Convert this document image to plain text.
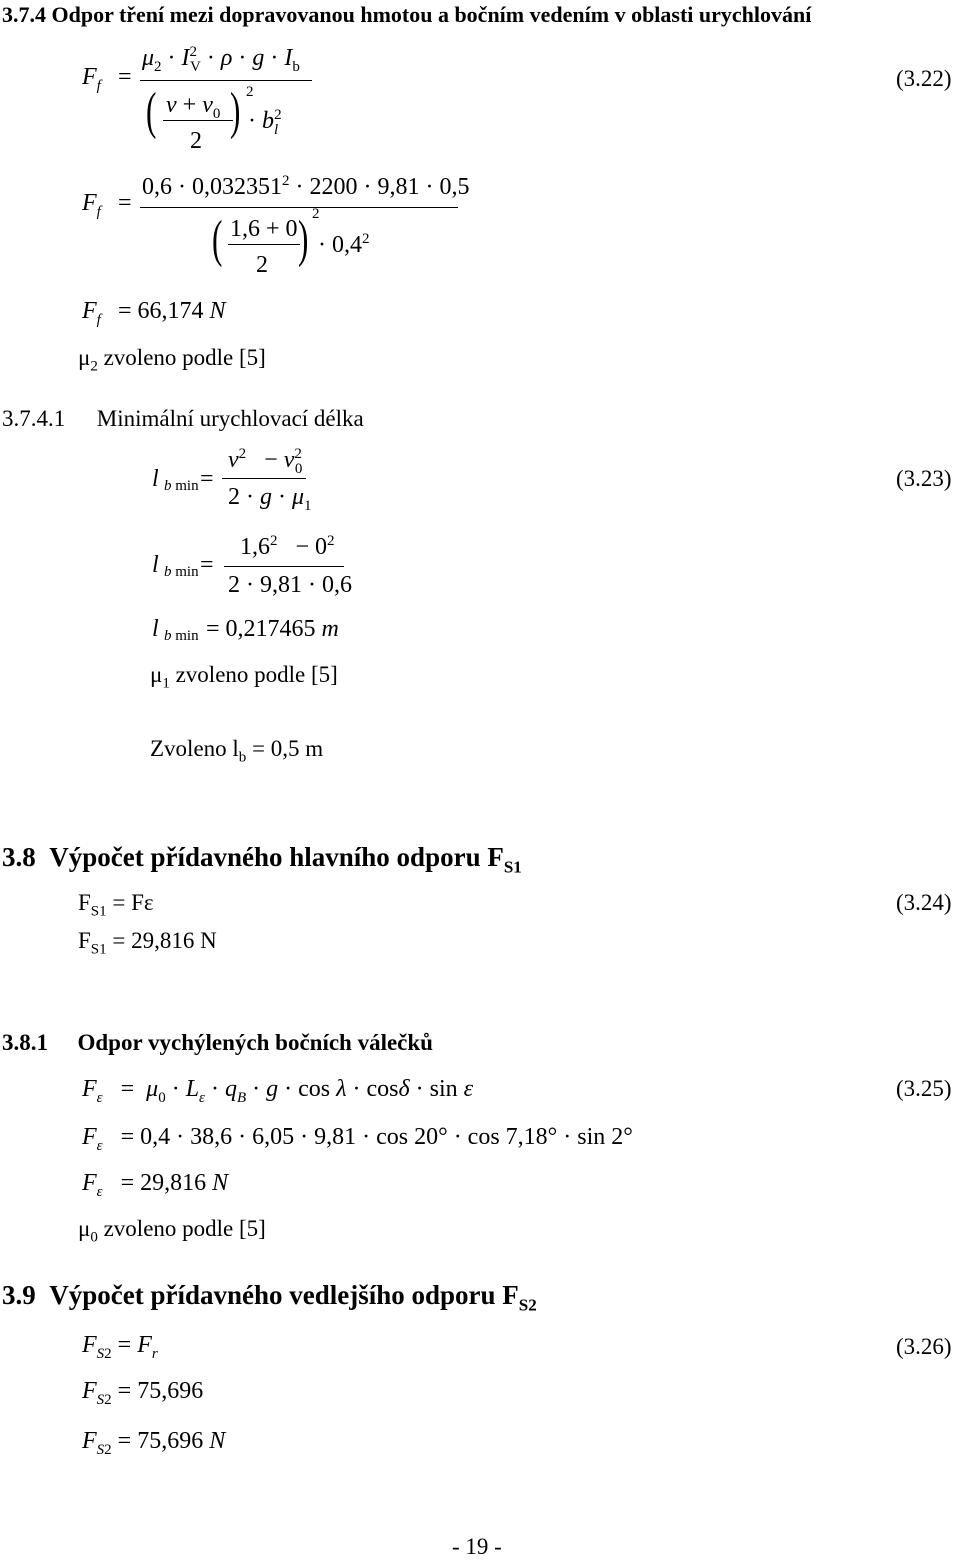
3.7.4 Odpor tření mezi dopravovanou hmotou a bočním vedením v oblasti urychlování
$F_f$ =
$\mu_2 \cdot I^2_V \cdot \rho \cdot g \cdot I_b$
( $v + v_0$
2
) 2
· $b_l^2$
(3.22)
$F_f$ =
$0,6 \cdot 0,032351^2 \cdot 2200 \cdot 9,81 \cdot 0,5$
( 1,6 + 0
2 ) 2
· $0,4^2$
$F_f = 66,174$ N
$\mu_2$ zvoleno podle [5]
3.7.4.1 Minimální urychlovací délka
l b min =
$v^2 - v^2_0$
$2 \cdot g \cdot \mu_1$
(3.23)
l b min =
$1,6^2 - 0^2$
2 · 9,81 · 0,6
l b min = 0,217465 m
$\mu_1$ zvoleno podle [5]
Zvoleno $l_b = 0,5$ m
3.8  Výpočet přídavného hlavního odporu $F_{S1}$
$F_{S1} = F\varepsilon$	(3.24)
$F_{S1} = 29,816$ N
3.8.1 Odpor vychýlených bočních válečků
$F_\varepsilon = \mu_0 \cdot L_\varepsilon \cdot q_B \cdot g \cdot \cos \lambda \cdot \cos\delta \cdot \sin \varepsilon$	(3.25)
$F_\varepsilon = 0,4 \cdot 38,6 \cdot 6,05 \cdot 9,81 \cdot \cos 20^\circ \cdot \cos 7,18^\circ \cdot \sin 2^\circ$
$F_\varepsilon = 29,816$ N
$\mu_0$ zvoleno podle [5]
3.9  Výpočet přídavného vedlejšího odporu $F_{S2}$
$F_{S2} = F_r$	(3.26)
$F_{S2} = 75,696$
$F_{S2} = 75,696$ N
- 19 -
